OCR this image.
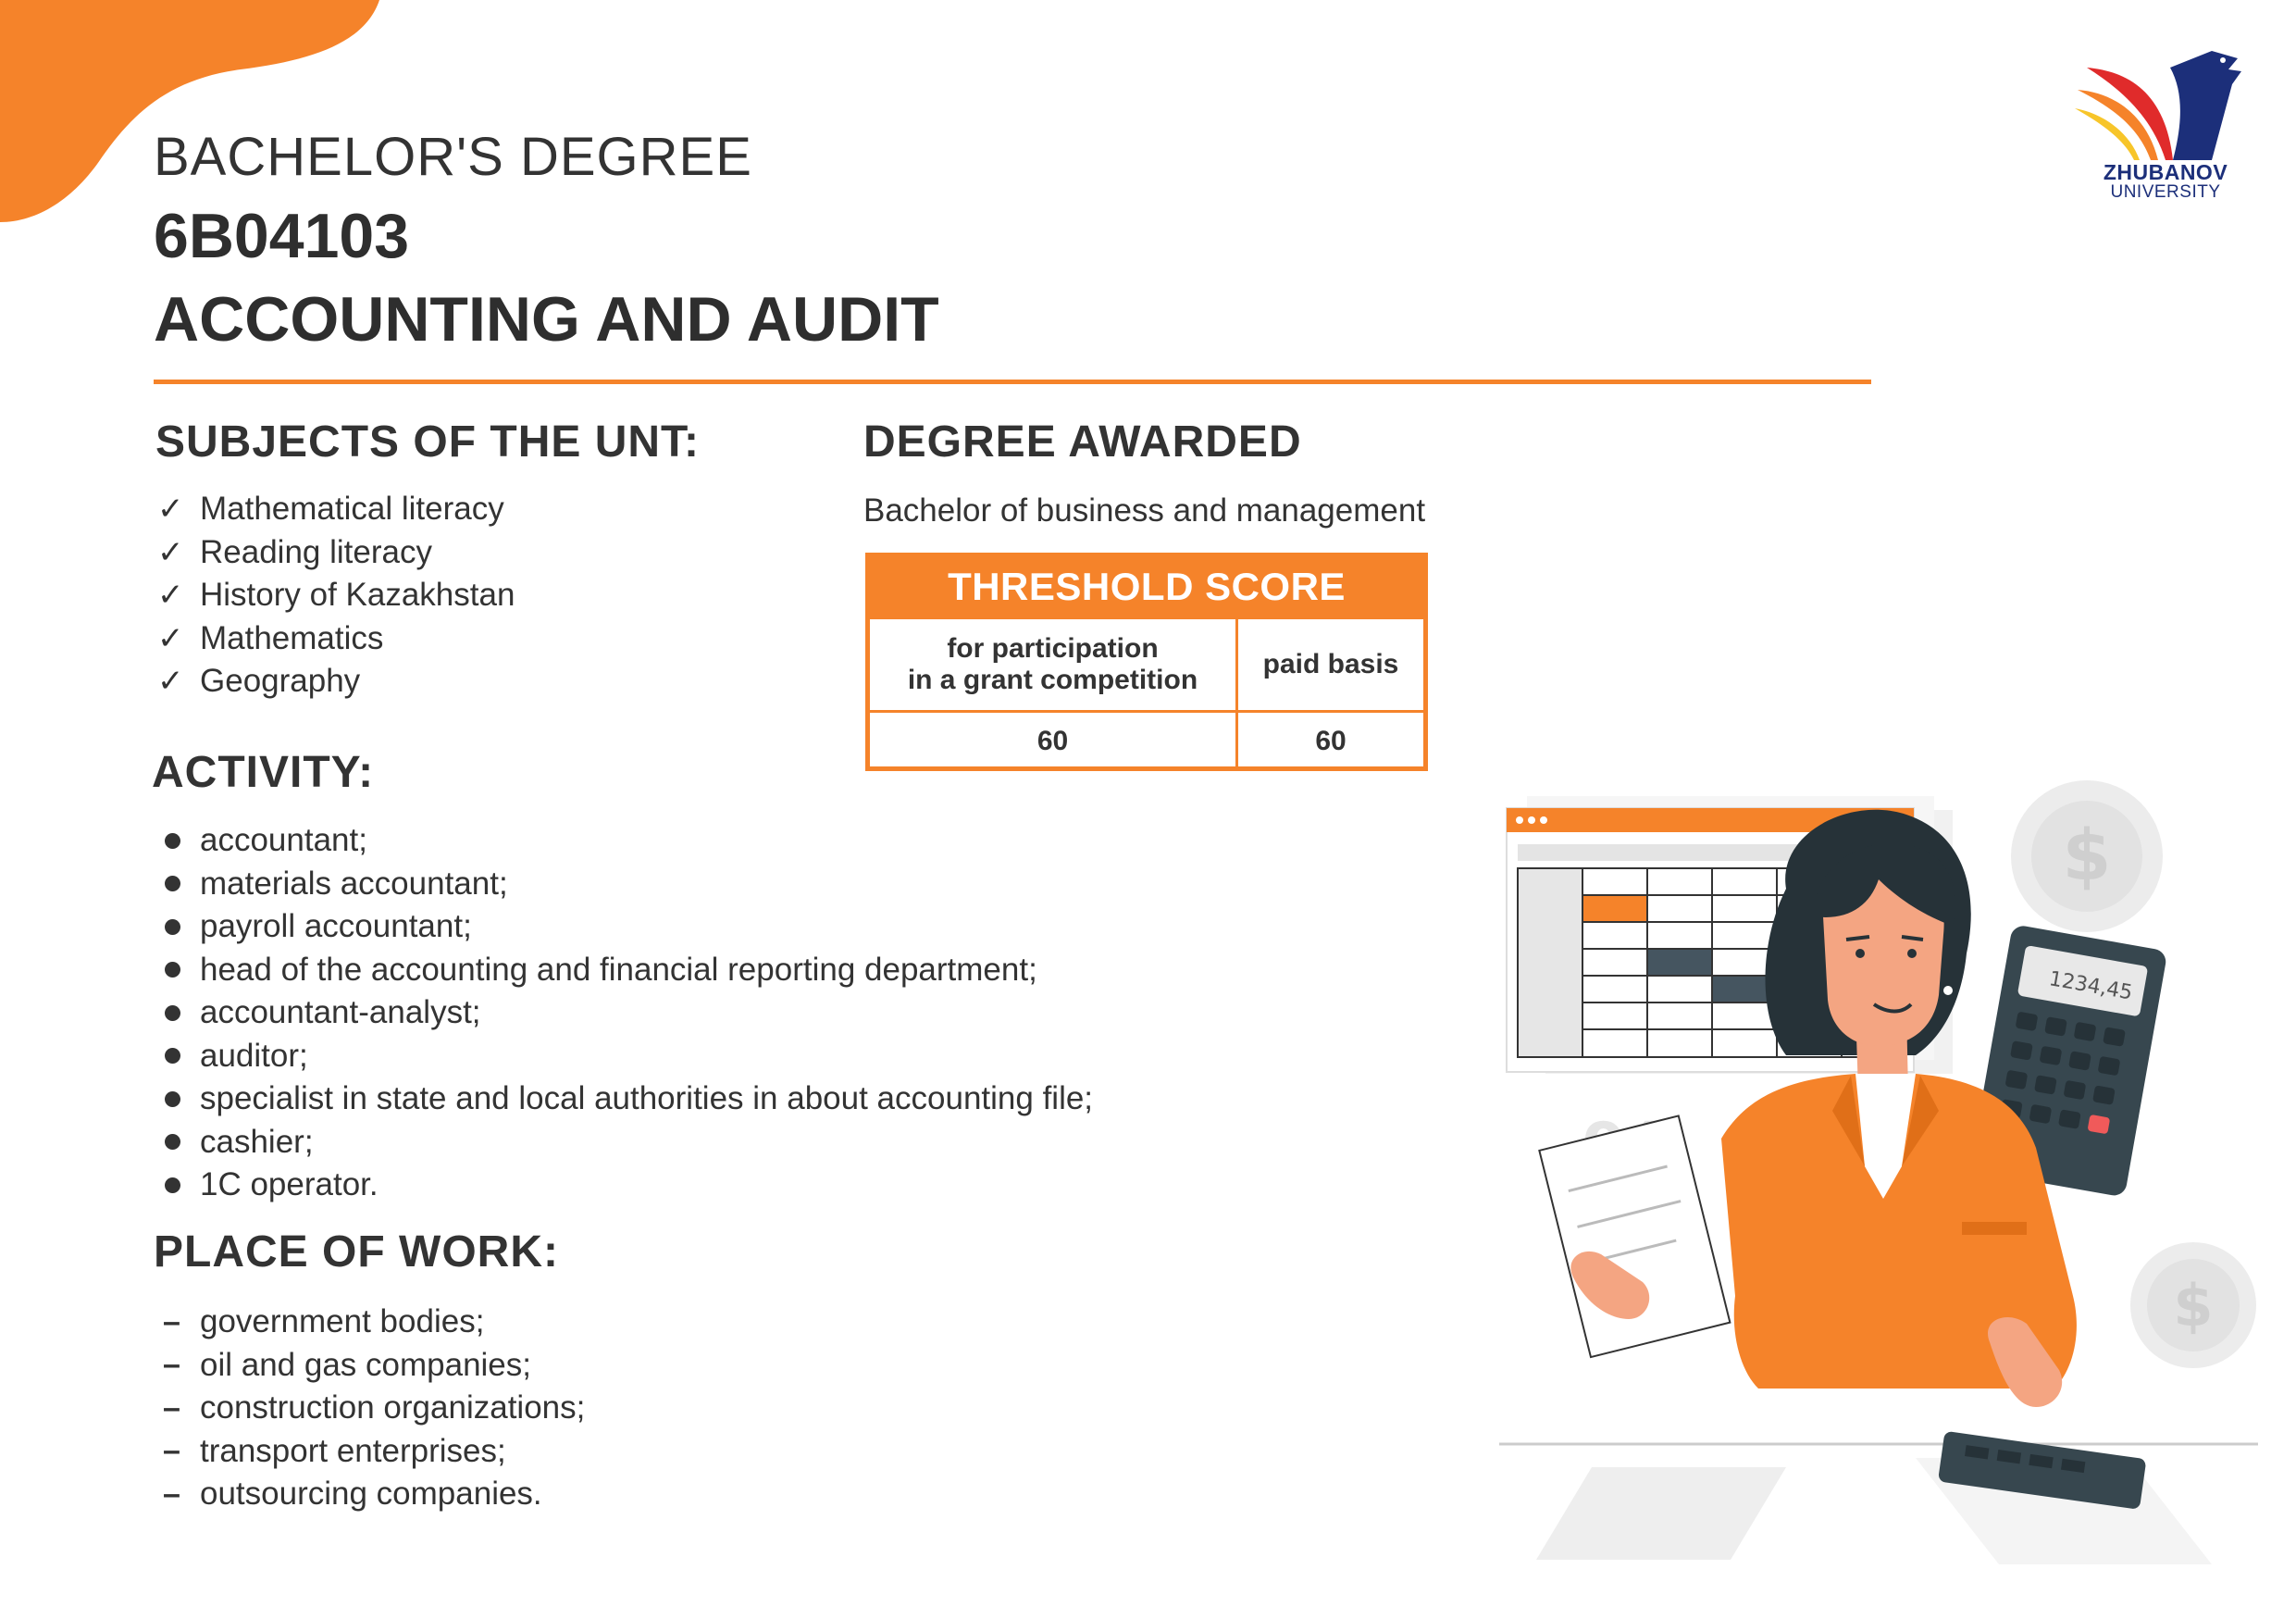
BACHELOR'S DEGREE
6B04103
ACCOUNTING AND AUDIT
ZHUBANOV
UNIVERSITY
SUBJECTS OF THE UNT:
✓ Mathematical literacy
✓ Reading literacy
✓ History of Kazakhstan
✓ Mathematics
✓ Geography
DEGREE AWARDED
Bachelor of business and management
THRESHOLD SCORE
for participation
in a grant competition
paid basis
60	60
ACTIVITY:
accountant;
materials accountant;
payroll accountant;
head of the accounting and financial reporting department;
accountant-analyst;
auditor;
specialist in state and local authorities in about accounting file;
cashier;
1C operator.
PLACE OF WORK:
– government bodies;
– oil and gas companies;
– construction organizations;
– transport enterprises;
– outsourcing companies.
$
$
1234,45
